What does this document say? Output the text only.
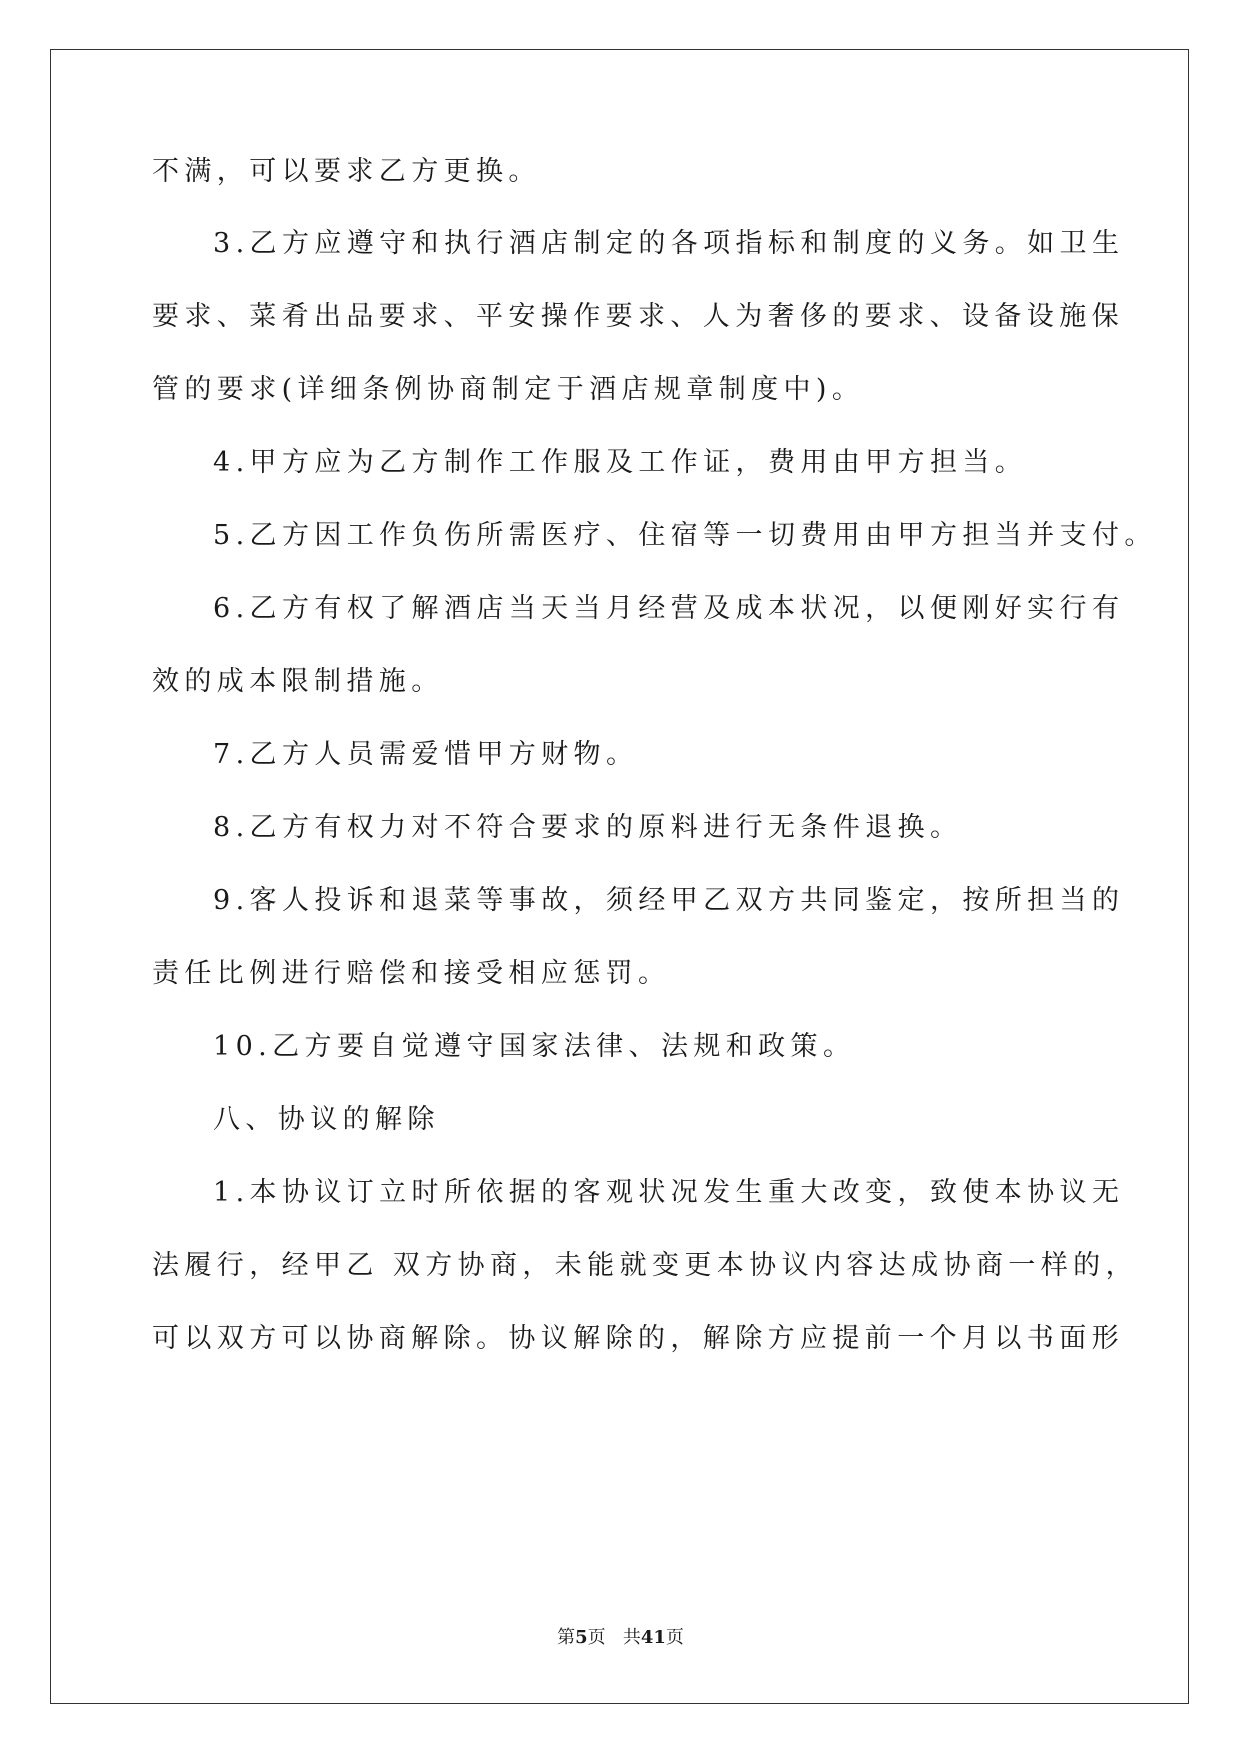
不满，可以要求乙方更换。

3.乙方应遵守和执行酒店制定的各项指标和制度的义务。如卫生

要求、菜肴出品要求、平安操作要求、人为奢侈的要求、设备设施保

管的要求(详细条例协商制定于酒店规章制度中)。

4.甲方应为乙方制作工作服及工作证，费用由甲方担当。

5.乙方因工作负伤所需医疗、住宿等一切费用由甲方担当并支付。

6.乙方有权了解酒店当天当月经营及成本状况，以便刚好实行有

效的成本限制措施。

7.乙方人员需爱惜甲方财物。

8.乙方有权力对不符合要求的原料进行无条件退换。

9.客人投诉和退菜等事故，须经甲乙双方共同鉴定，按所担当的

责任比例进行赔偿和接受相应惩罚。

10.乙方要自觉遵守国家法律、法规和政策。

八、协议的解除

1.本协议订立时所依据的客观状况发生重大改变，致使本协议无

法履行，经甲乙 双方协商，未能就变更本协议内容达成协商一样的，

可以双方可以协商解除。协议解除的，解除方应提前一个月以书面形

第5页 共41页
